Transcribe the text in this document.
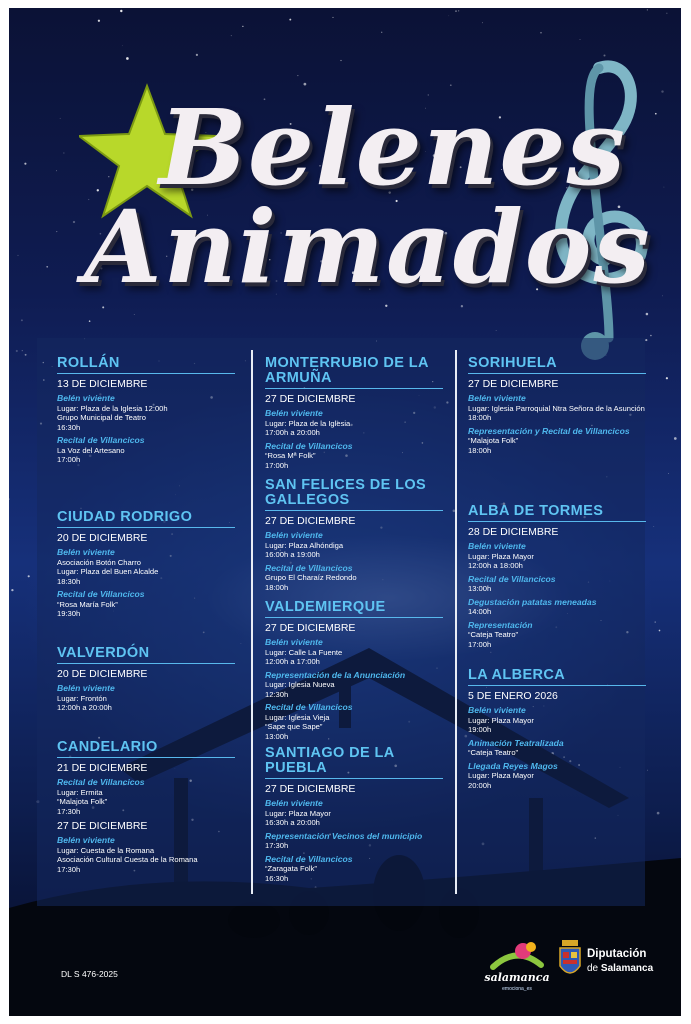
Belenes
Animados
ROLLÁN
13 DE DICIEMBRE
Belén viviente
Lugar: Plaza de la Iglesia 12:00h
Grupo Municipal de Teatro
16:30h
Recital de Villancicos
La Voz del Artesano
17:00h
CIUDAD RODRIGO
20 DE DICIEMBRE
Belén viviente
Asociación Botón Charro
Lugar: Plaza del Buen Alcalde
18:30h
Recital de Villancicos
“Rosa María Folk”
19:30h
VALVERDÓN
20 DE DICIEMBRE
Belén viviente
Lugar: Frontón
12:00h a 20:00h
CANDELARIO
21 DE DICIEMBRE
Recital de Villancicos
Lugar: Ermita
“Malajota Folk”
17:30h
27 DE DICIEMBRE
Belén viviente
Lugar: Cuesta de la Romana
Asociación Cultural Cuesta de la Romana
17:30h
MONTERRUBIO DE LA ARMUÑA
27 DE DICIEMBRE
Belén viviente
Lugar: Plaza de la Iglesia
17:00h a 20:00h
Recital de Villancicos
“Rosa Mª Folk”
17:00h
SAN FELICES DE LOS GALLEGOS
27 DE DICIEMBRE
Belén viviente
Lugar: Plaza Alhóndiga
16:00h a 19:00h
Recital de Villancicos
Grupo El Charaíz Redondo
18:00h
VALDEMIERQUE
27 DE DICIEMBRE
Belén viviente
Lugar: Calle La Fuente
12:00h a 17:00h
Representación de la Anunciación
Lugar: Iglesia Nueva
12:30h
Recital de Villancicos
Lugar: Iglesia Vieja
“Sape que Sape”
13:00h
SANTIAGO DE LA PUEBLA
27 DE DICIEMBRE
Belén viviente
Lugar: Plaza Mayor
16:30h a 20:00h
Representación Vecinos del municipio
17:30h
Recital de Villancicos
“Zaragata Folk”
16:30h
SORIHUELA
27 DE DICIEMBRE
Belén viviente
Lugar: Iglesia Parroquial Ntra Señora de la Asunción
18:00h
Representación y Recital de Villancicos
“Malajota Folk”
18:00h
ALBA DE TORMES
28 DE DICIEMBRE
Belén viviente
Lugar: Plaza Mayor
12:00h a 18:00h
Recital de Villancicos
13:00h
Degustación patatas meneadas
14:00h
Representación
“Cateja Teatro”
17:00h
LA ALBERCA
5 DE ENERO 2026
Belén viviente
Lugar: Plaza Mayor
19:00h
Animación Teatralizada
“Cateja Teatro”
Llegada Reyes Magos
Lugar: Plaza Mayor
20:00h
DL S 476-2025	salamanca
emociona_es
Diputación
de Salamanca
